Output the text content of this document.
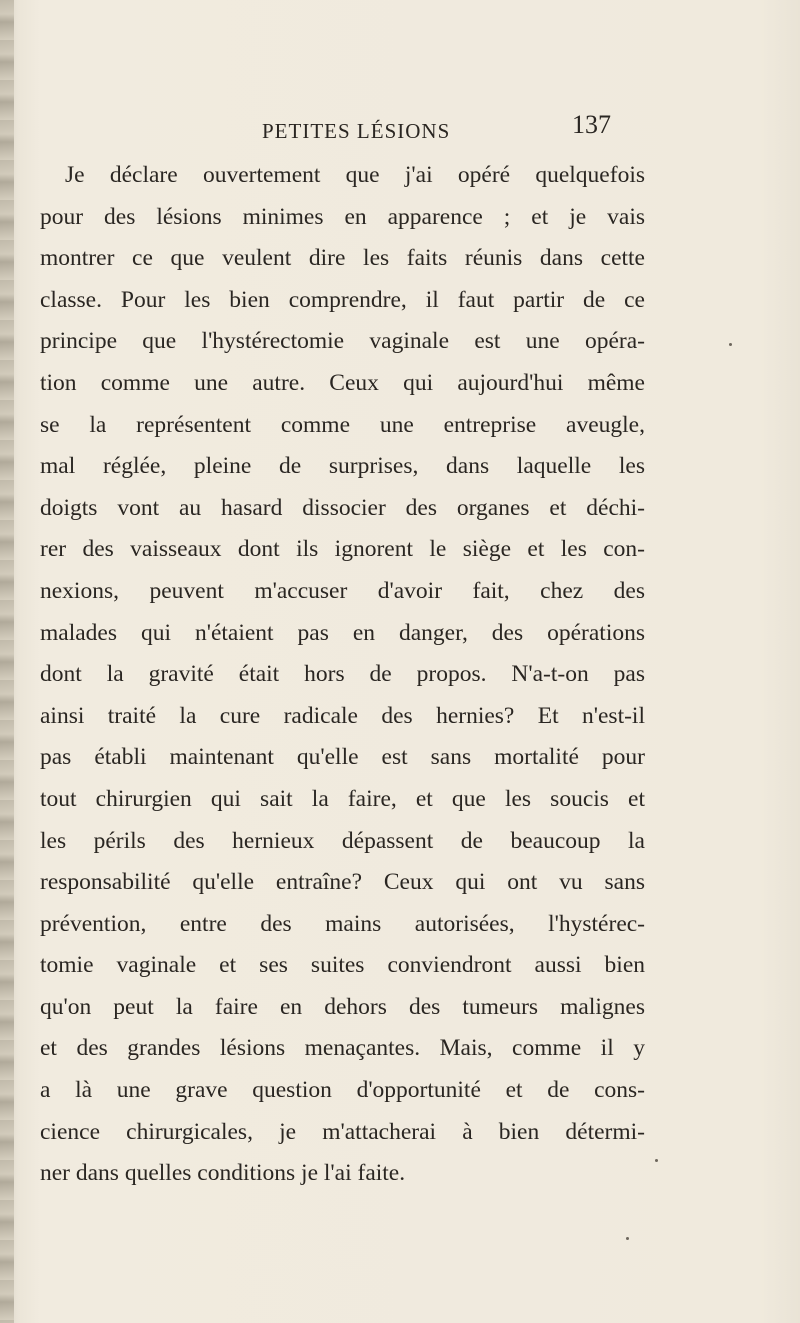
PETITES LÉSIONS	137
Je déclare ouvertement que j'ai opéré quelquefois
pour des lésions minimes en apparence ; et je vais
montrer ce que veulent dire les faits réunis dans cette
classe. Pour les bien comprendre, il faut partir de ce
principe que l'hystérectomie vaginale est une opéra-
tion comme une autre. Ceux qui aujourd'hui même
se la représentent comme une entreprise aveugle,
mal réglée, pleine de surprises, dans laquelle les
doigts vont au hasard dissocier des organes et déchi-
rer des vaisseaux dont ils ignorent le siège et les con-
nexions, peuvent m'accuser d'avoir fait, chez des
malades qui n'étaient pas en danger, des opérations
dont la gravité était hors de propos. N'a-t-on pas
ainsi traité la cure radicale des hernies? Et n'est-il
pas établi maintenant qu'elle est sans mortalité pour
tout chirurgien qui sait la faire, et que les soucis et
les périls des hernieux dépassent de beaucoup la
responsabilité qu'elle entraîne? Ceux qui ont vu sans
prévention, entre des mains autorisées, l'hystérec-
tomie vaginale et ses suites conviendront aussi bien
qu'on peut la faire en dehors des tumeurs malignes
et des grandes lésions menaçantes. Mais, comme il y
a là une grave question d'opportunité et de cons-
cience chirurgicales, je m'attacherai à bien détermi-
ner dans quelles conditions je l'ai faite.
